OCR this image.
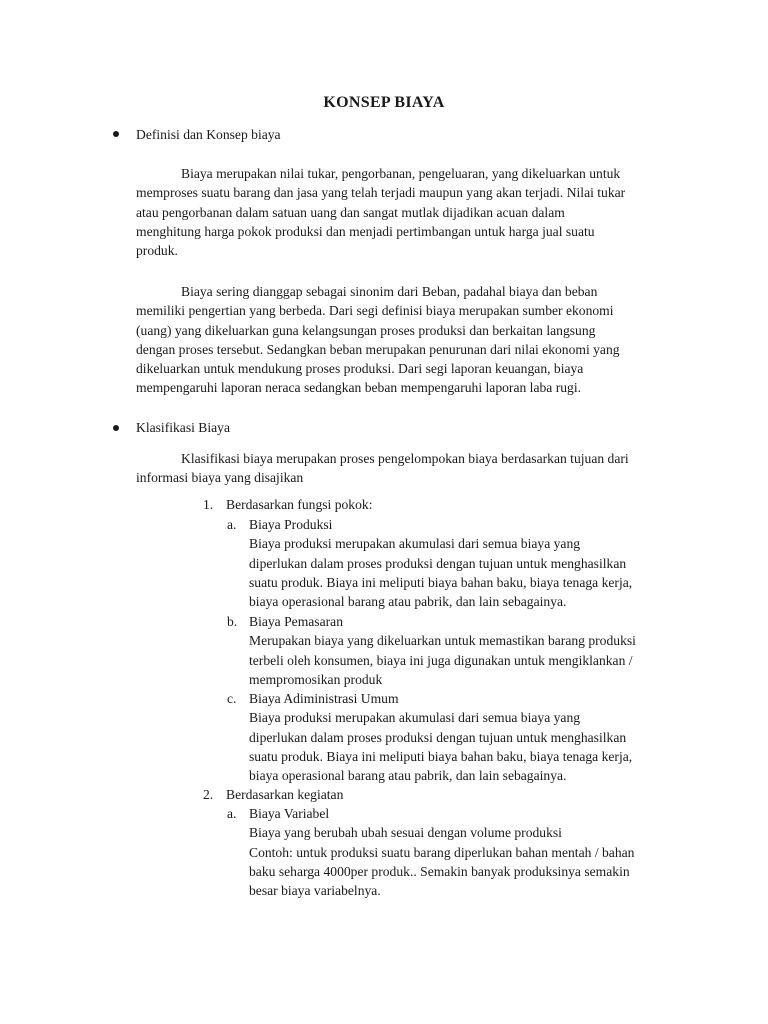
KONSEP BIAYA
Definisi dan Konsep biaya
Biaya merupakan nilai tukar, pengorbanan, pengeluaran, yang dikeluarkan untuk
memproses suatu barang dan jasa yang telah terjadi maupun yang akan terjadi. Nilai tukar
atau pengorbanan dalam satuan uang dan sangat mutlak dijadikan acuan dalam
menghitung harga pokok produksi dan menjadi pertimbangan untuk harga jual suatu
produk.
Biaya sering dianggap sebagai sinonim dari Beban, padahal biaya dan beban
memiliki pengertian yang berbeda. Dari segi definisi biaya merupakan sumber ekonomi
(uang) yang dikeluarkan guna kelangsungan proses produksi dan berkaitan langsung
dengan proses tersebut. Sedangkan beban merupakan penurunan dari nilai ekonomi yang
dikeluarkan untuk mendukung proses produksi. Dari segi laporan keuangan, biaya
mempengaruhi laporan neraca sedangkan beban mempengaruhi laporan laba rugi.
Klasifikasi Biaya
Klasifikasi biaya merupakan proses pengelompokan biaya berdasarkan tujuan dari
informasi biaya yang disajikan
1. Berdasarkan fungsi pokok:
a. Biaya Produksi
Biaya produksi merupakan akumulasi dari semua biaya yang
diperlukan dalam proses produksi dengan tujuan untuk menghasilkan
suatu produk. Biaya ini meliputi biaya bahan baku, biaya tenaga kerja,
biaya operasional barang atau pabrik, dan lain sebagainya.
b. Biaya Pemasaran
Merupakan biaya yang dikeluarkan untuk memastikan barang produksi
terbeli oleh konsumen, biaya ini juga digunakan untuk mengiklankan /
mempromosikan produk
c. Biaya Adiministrasi Umum
Biaya produksi merupakan akumulasi dari semua biaya yang
diperlukan dalam proses produksi dengan tujuan untuk menghasilkan
suatu produk. Biaya ini meliputi biaya bahan baku, biaya tenaga kerja,
biaya operasional barang atau pabrik, dan lain sebagainya.
2. Berdasarkan kegiatan
a. Biaya Variabel
Biaya yang berubah ubah sesuai dengan volume produksi
Contoh: untuk produksi suatu barang diperlukan bahan mentah / bahan
baku seharga 4000per produk.. Semakin banyak produksinya semakin
besar biaya variabelnya.
